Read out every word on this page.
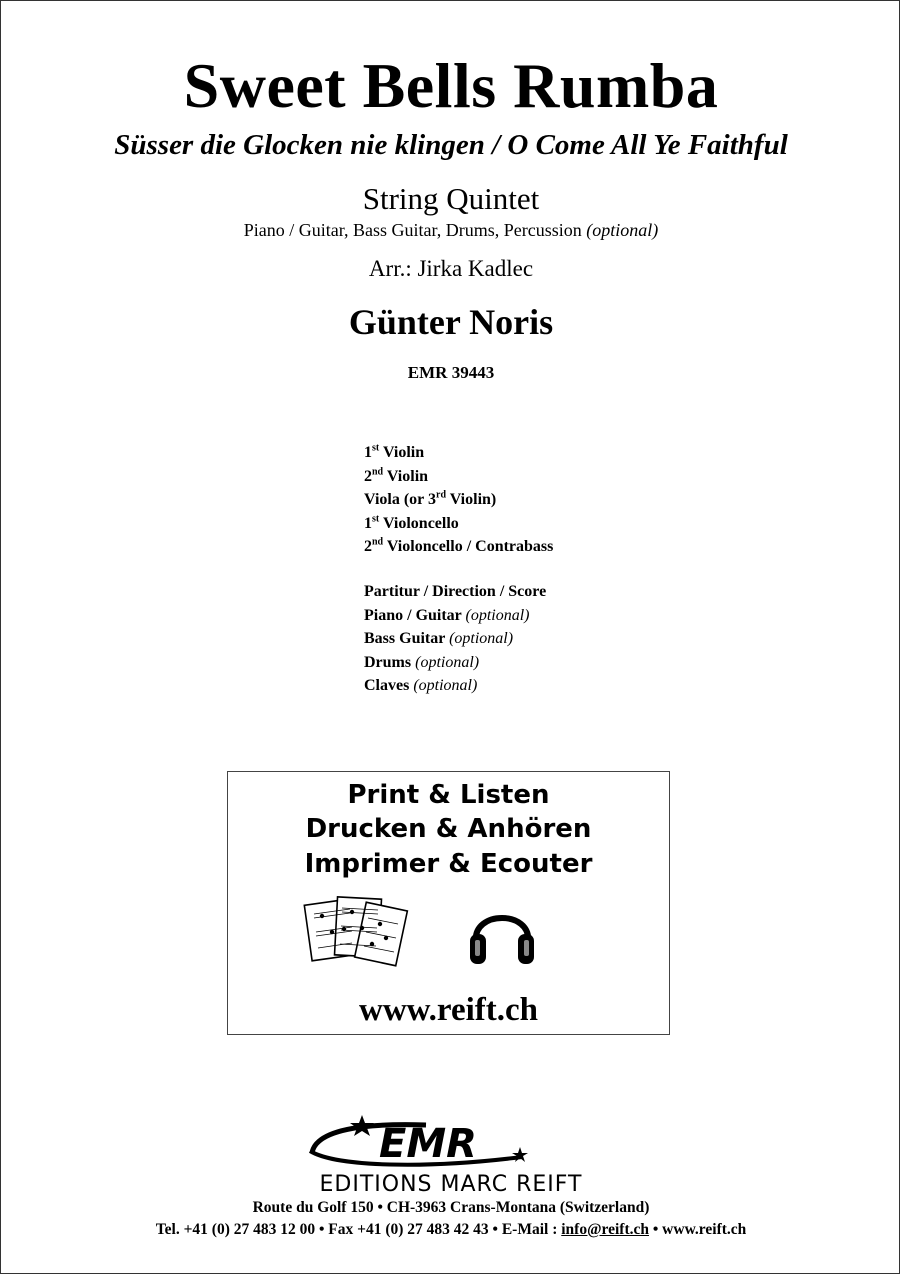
Sweet Bells Rumba
Süsser die Glocken nie klingen / O Come All Ye Faithful
String Quintet
Piano / Guitar, Bass Guitar, Drums, Percussion (optional)
Arr.: Jirka Kadlec
Günter Noris
EMR 39443
1st Violin
2nd Violin
Viola (or 3rd Violin)
1st Violoncello
2nd Violoncello / Contrabass
Partitur / Direction / Score
Piano / Guitar (optional)
Bass Guitar (optional)
Drums (optional)
Claves (optional)
Print & Listen
Drucken & Anhören
Imprimer & Ecouter
www.reift.ch
EMR
EDITIONS MARC REIFT
Route du Golf 150 • CH-3963 Crans-Montana (Switzerland)
Tel. +41 (0) 27 483 12 00 • Fax +41 (0) 27 483 42 43 • E-Mail : info@reift.ch • www.reift.ch
